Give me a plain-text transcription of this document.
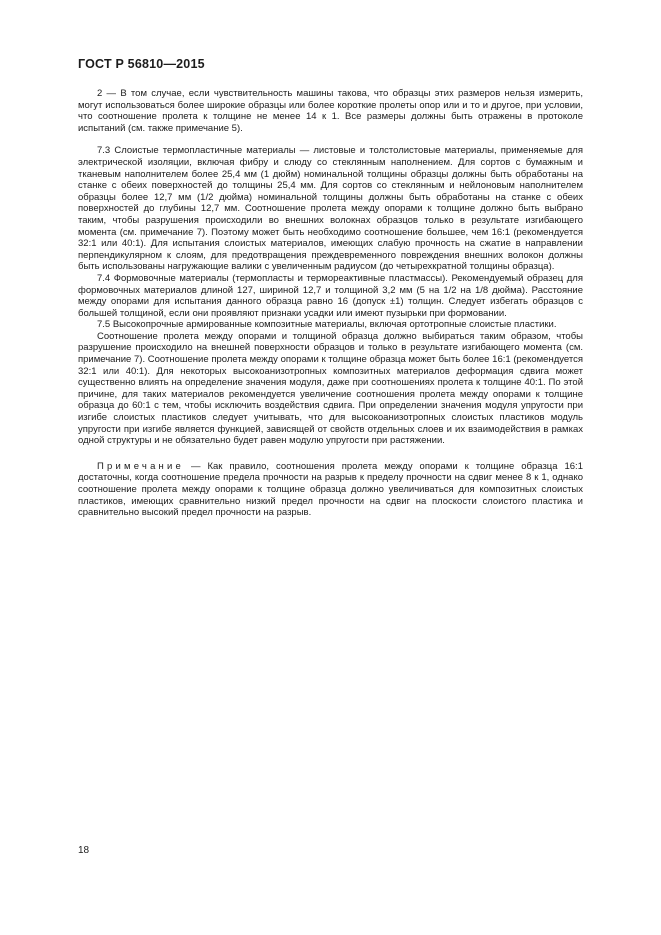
ГОСТ Р 56810—2015

2 — В том случае, если чувствительность машины такова, что образцы этих размеров нельзя измерить, могут использоваться более широкие образцы или более короткие пролеты опор или и то и другое, при условии, что соотношение пролета к толщине не менее 14 к 1. Все размеры должны быть отражены в протоколе испытаний (см. также примечание 5).

7.3 Слоистые термопластичные материалы — листовые и толстолистовые материалы, применяемые для электрической изоляции, включая фибру и слюду со стеклянным наполнением. Для сортов с бумажным и тканевым наполнителем более 25,4 мм (1 дюйм) номинальной толщины образцы должны быть обработаны на станке с обеих поверхностей до толщины 25,4 мм. Для сортов со стеклянным и нейлоновым наполнителем образцы более 12,7 мм (1/2 дюйма) номинальной толщины должны быть обработаны на станке с обеих поверхностей до глубины 12,7 мм. Соотношение пролета между опорами к толщине должно быть выбрано таким, чтобы разрушения происходили во внешних волокнах образцов только в результате изгибающего момента (см. примечание 7). Поэтому может быть необходимо соотношение большее, чем 16:1 (рекомендуется 32:1 или 40:1). Для испытания слоистых материалов, имеющих слабую прочность на сжатие в направлении перпендикулярном к слоям, для предотвращения преждевременного повреждения внешних волокон должны быть использованы нагружающие валики с увеличенным радиусом (до четырехкратной толщины образца).

7.4 Формовочные материалы (термопласты и термореактивные пластмассы). Рекомендуемый образец для формовочных материалов длиной 127, шириной 12,7 и толщиной 3,2 мм (5 на 1/2 на 1/8 дюйма). Расстояние между опорами для испытания данного образца равно 16 (допуск ±1) толщин. Следует избегать образцов с большей толщиной, если они проявляют признаки усадки или имеют пузырьки при формовании.

7.5 Высокопрочные армированные композитные материалы, включая ортотропные слоистые пластики.

Соотношение пролета между опорами и толщиной образца должно выбираться таким образом, чтобы разрушение происходило на внешней поверхности образцов и только в результате изгибающего момента (см. примечание 7). Соотношение пролета между опорами к толщине образца может быть более 16:1 (рекомендуется 32:1 или 40:1). Для некоторых высокоанизотропных композитных материалов деформация сдвига может существенно влиять на определение значения модуля, даже при соотношениях пролета к толщине 40:1. По этой причине, для таких материалов рекомендуется увеличение соотношения пролета между опорами к толщине образца до 60:1 с тем, чтобы исключить воздействия сдвига. При определении значения модуля упругости при изгибе слоистых пластиков следует учитывать, что для высокоанизотропных слоистых пластиков модуль упругости при изгибе является функцией, зависящей от свойств отдельных слоев и их взаимодействия в рамках одной структуры и не обязательно будет равен модулю упругости при растяжении.

Примечание — Как правило, соотношения пролета между опорами к толщине образца 16:1 достаточны, когда соотношение предела прочности на разрыв к пределу прочности на сдвиг менее 8 к 1, однако соотношение пролета между опорами к толщине образца должно увеличиваться для композитных слоистых пластиков, имеющих сравнительно низкий предел прочности на сдвиг на плоскости слоистого пластика и сравнительно высокий предел прочности на разрыв.

18
